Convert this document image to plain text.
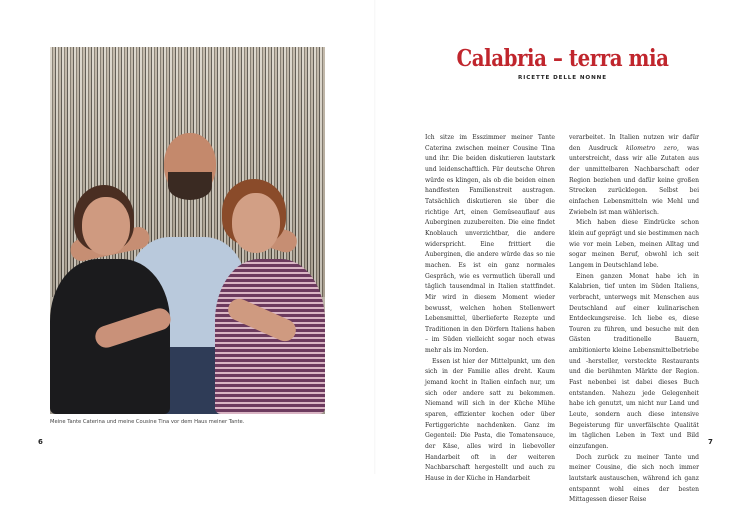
Meine Tante Caterina und meine Cousine Tina vor dem Haus meiner Tante.
6
Calabria – terra mia
RICETTE DELLE NONNE

Ich sitze im Esszimmer meiner Tante Caterina zwischen meiner Cousine Tina und ihr. Die beiden diskutieren lautstark und leidenschaftlich. Für deutsche Ohren würde es klingen, als ob die beiden einen handfesten Familienstreit austragen. Tatsächlich diskutieren sie über die richtige Art, einen Gemüseauflauf aus Auberginen zuzubereiten. Die eine findet Knoblauch unverzichtbar, die andere widerspricht. Eine frittiert die Auberginen, die andere würde das so nie machen. Es ist ein ganz normales Gespräch, wie es vermutlich überall und täglich tausendmal in Italien stattfindet. Mir wird in diesem Moment wieder bewusst, welchen hohen Stellenwert Lebensmittel, überlieferte Rezepte und Traditionen in den Dörfern Italiens haben – im Süden vielleicht sogar noch etwas mehr als im Norden.

Essen ist hier der Mittelpunkt, um den sich in der Familie alles dreht. Kaum jemand kocht in Italien einfach nur, um sich oder andere satt zu bekommen. Niemand will sich in der Küche Mühe sparen, effizienter kochen oder über Fertiggerichte nachdenken. Ganz im Gegenteil: Die Pasta, die Tomatensauce, der Käse, alles wird in liebevoller Handarbeit oft in der weiteren Nachbarschaft hergestellt und auch zu Hause in der Küche in Handarbeit

verarbeitet. In Italien nutzen wir dafür den Ausdruck kilometro zero, was unterstreicht, dass wir alle Zutaten aus der unmittelbaren Nachbarschaft oder Region beziehen und dafür keine großen Strecken zurücklegen. Selbst bei einfachen Lebensmitteln wie Mehl und Zwiebeln ist man wählerisch.

Mich haben diese Eindrücke schon klein auf geprägt und sie bestimmen nach wie vor mein Leben, meinen Alltag und sogar meinen Beruf, obwohl ich seit Langem in Deutschland lebe.

Einen ganzen Monat habe ich in Kalabrien, tief unten im Süden Italiens, verbracht, unterwegs mit Menschen aus Deutschland auf einer kulinarischen Entdeckungsreise. Ich liebe es, diese Touren zu führen, und besuche mit den Gästen traditionelle Bauern, ambitionierte kleine Lebensmittelbetriebe und -hersteller, versteckte Restaurants und die berühmten Märkte der Region. Fast nebenbei ist dabei dieses Buch entstanden. Nahezu jede Gelegenheit habe ich genutzt, um nicht nur Land und Leute, sondern auch diese intensive Begeisterung für unverfälschte Qualität im täglichen Leben in Text und Bild einzufangen.

Doch zurück zu meiner Tante und meiner Cousine, die sich noch immer lautstark austauschen, während ich ganz entspannt wohl eines der besten Mittagessen dieser Reise

7
